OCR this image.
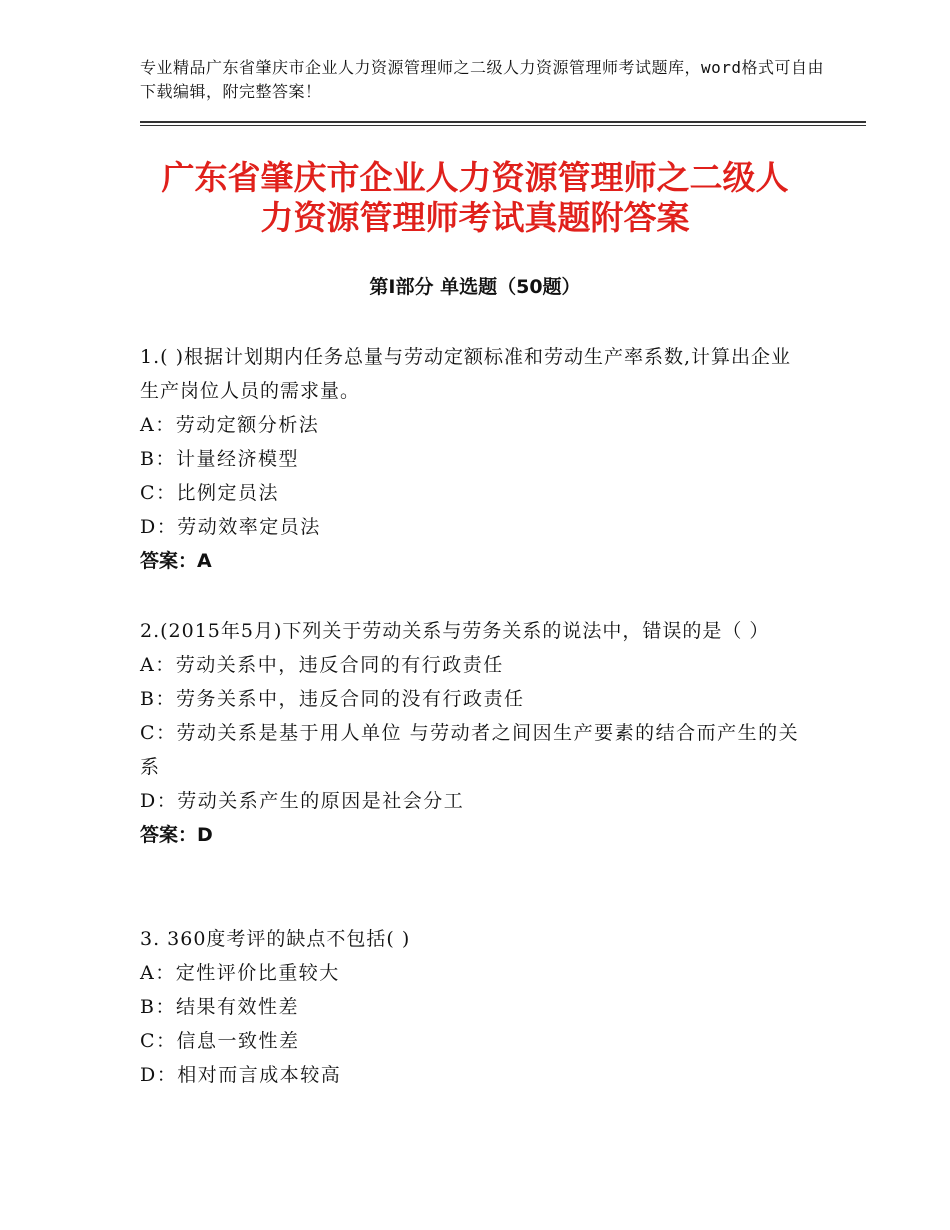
专业精品广东省肇庆市企业人力资源管理师之二级人力资源管理师考试题库，word格式可自由下载编辑，附完整答案！
广东省肇庆市企业人力资源管理师之二级人
力资源管理师考试真题附答案
第Ⅰ部分 单选题（50题）
1.( )根据计划期内任务总量与劳动定额标准和劳动生产率系数,计算出企业生产岗位人员的需求量。
A：劳动定额分析法
B：计量经济模型
C：比例定员法
D：劳动效率定员法
答案：A
2.(2015年5月)下列关于劳动关系与劳务关系的说法中，错误的是（ ）
A：劳动关系中，违反合同的有行政责任
B：劳务关系中，违反合同的没有行政责任
C：劳动关系是基于用人单位 与劳动者之间因生产要素的结合而产生的关系
D：劳动关系产生的原因是社会分工
答案：D
3. 360度考评的缺点不包括( )
A：定性评价比重较大
B：结果有效性差
C：信息一致性差
D：相对而言成本较高
